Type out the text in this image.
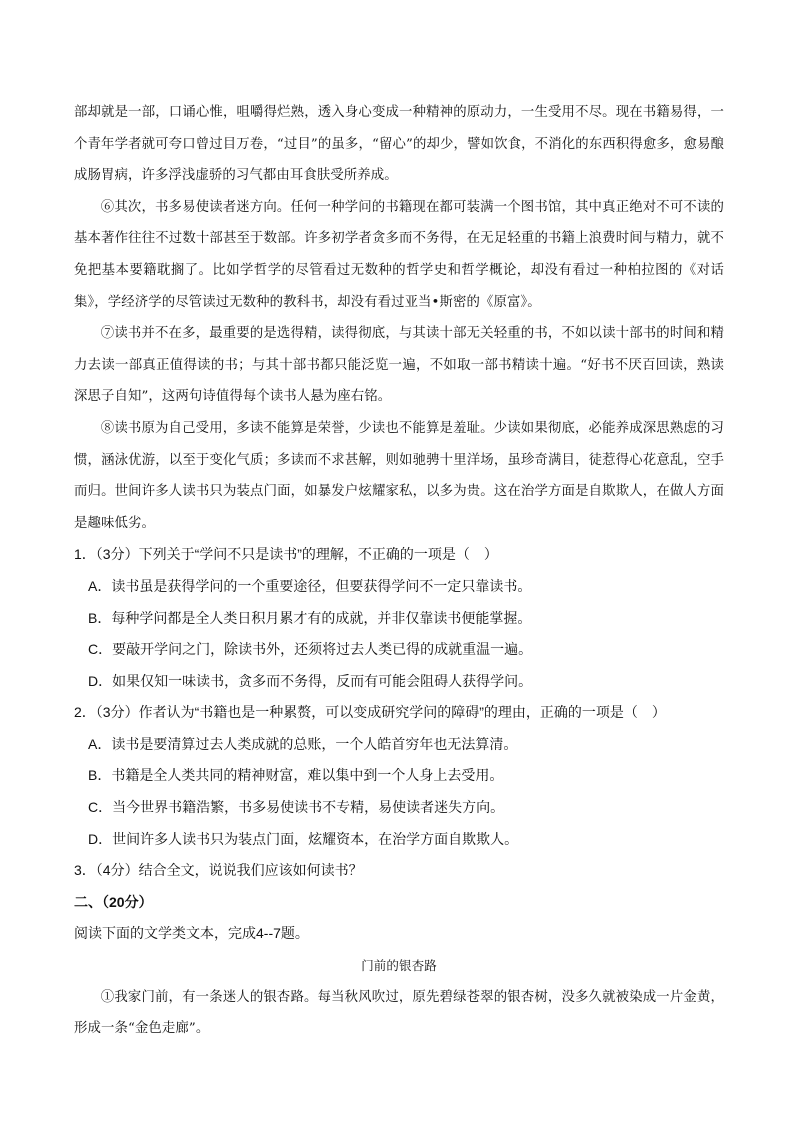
部却就是一部，口诵心惟，咀嚼得烂熟，透入身心变成一种精神的原动力，一生受用不尽。现在书籍易得，一个青年学者就可夸口曾过目万卷，“过目”的虽多，“留心”的却少，譬如饮食，不消化的东西积得愈多，愈易酿成肠胃病，许多浮浅虚骄的习气都由耳食肤受所养成。

⑥其次，书多易使读者迷方向。任何一种学问的书籍现在都可装满一个图书馆，其中真正绝对不可不读的基本著作往往不过数十部甚至于数部。许多初学者贪多而不务得，在无足轻重的书籍上浪费时间与精力，就不免把基本要籍耽搁了。比如学哲学的尽管看过无数种的哲学史和哲学概论，却没有看过一种柏拉图的《对话集》，学经济学的尽管读过无数种的教科书，却没有看过亚当•斯密的《原富》。

⑦读书并不在多，最重要的是选得精，读得彻底，与其读十部无关轻重的书，不如以读十部书的时间和精力去读一部真正值得读的书；与其十部书都只能泛览一遍，不如取一部书精读十遍。“好书不厌百回读，熟读深思子自知”，这两句诗值得每个读书人悬为座右铭。

⑧读书原为自己受用，多读不能算是荣誉，少读也不能算是羞耻。少读如果彻底，必能养成深思熟虑的习惯，涵泳优游，以至于变化气质；多读而不求甚解，则如驰骋十里洋场，虽珍奇满目，徒惹得心花意乱，空手而归。世间许多人读书只为装点门面，如暴发户炫耀家私，以多为贵。这在治学方面是自欺欺人，在做人方面是趣味低劣。

1．（3分）下列关于“学问不只是读书”的理解，不正确的一项是（　）
A．读书虽是获得学问的一个重要途径，但要获得学问不一定只靠读书。
B．每种学问都是全人类日积月累才有的成就，并非仅靠读书便能掌握。
C．要敲开学问之门，除读书外，还须将过去人类已得的成就重温一遍。
D．如果仅知一味读书，贪多而不务得，反而有可能会阻碍人获得学问。
2．（3分）作者认为“书籍也是一种累赘，可以变成研究学问的障碍”的理由，正确的一项是（　）
A．读书是要清算过去人类成就的总账，一个人皓首穷年也无法算清。
B．书籍是全人类共同的精神财富，难以集中到一个人身上去受用。
C．当今世界书籍浩繁，书多易使读书不专精，易使读者迷失方向。
D．世间许多人读书只为装点门面，炫耀资本，在治学方面自欺欺人。
3．（4分）结合全文，说说我们应该如何读书？
二、（20分）
阅读下面的文学类文本，完成4--7题。
门前的银杏路

①我家门前，有一条迷人的银杏路。每当秋风吹过，原先碧绿苍翠的银杏树，没多久就被染成一片金黄，形成一条“金色走廊”。
